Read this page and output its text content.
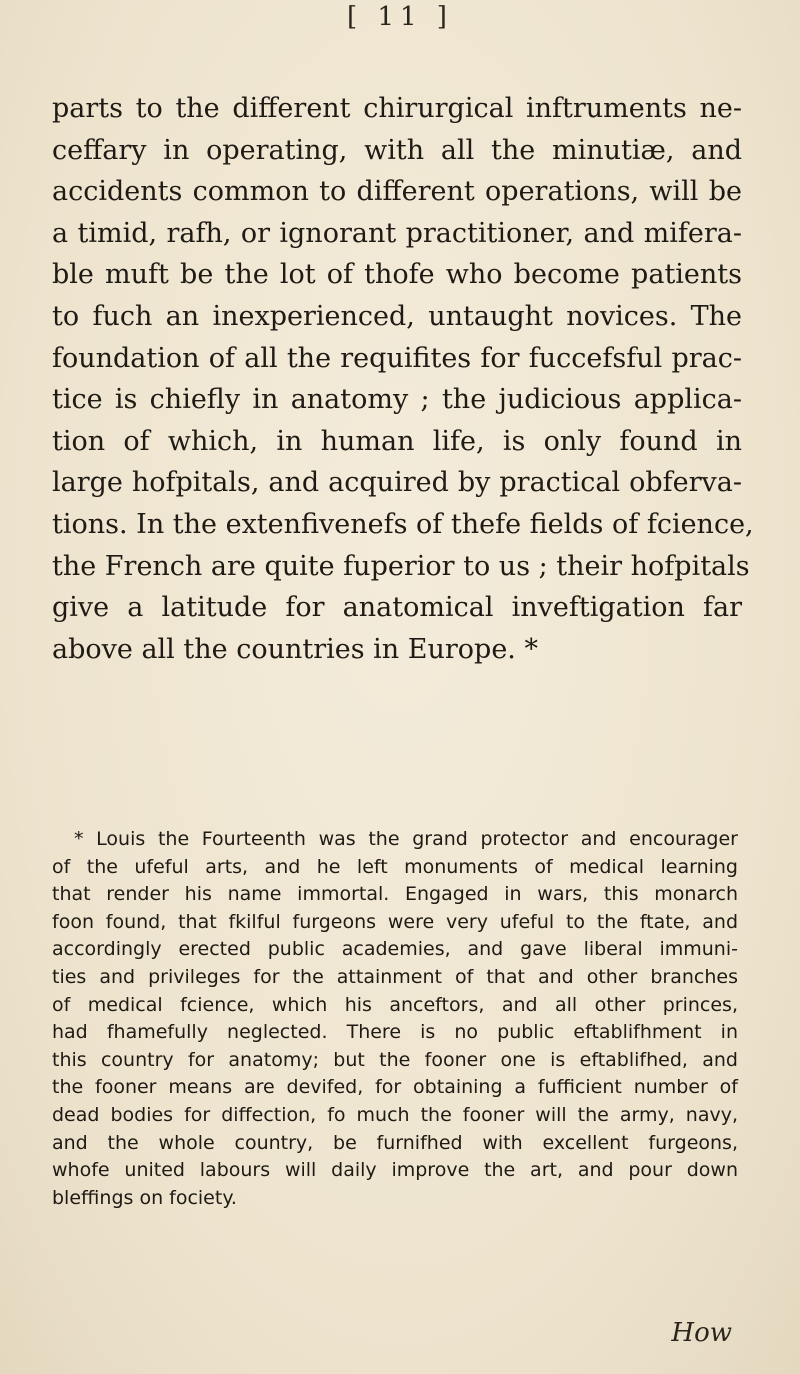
[ 11 ]
parts to the different chirurgical inftruments ne-
ceffary in operating, with all the minutiæ, and
accidents common to different operations, will be
a timid, rafh, or ignorant practitioner, and mifera-
ble muft be the lot of thofe who become patients
to fuch an inexperienced, untaught novices. The
foundation of all the requifites for fuccefsful prac-
tice is chiefly in anatomy ; the judicious applica-
tion of which, in human life, is only found in
large hofpitals, and acquired by practical obferva-
tions. In the extenfivenefs of thefe fields of fcience,
the French are quite fuperior to us ; their hofpitals
give a latitude for anatomical inveftigation far
above all the countries in Europe. *
* Louis the Fourteenth was the grand protector and encourager
of the ufeful arts, and he left monuments of medical learning
that render his name immortal. Engaged in wars, this monarch
foon found, that fkilful furgeons were very ufeful to the ftate, and
accordingly erected public academies, and gave liberal immuni-
ties and privileges for the attainment of that and other branches
of medical fcience, which his anceftors, and all other princes,
had fhamefully neglected. There is no public eftablifhment in
this country for anatomy; but the fooner one is eftablifhed, and
the fooner means are devifed, for obtaining a fufficient number of
dead bodies for diffection, fo much the fooner will the army, navy,
and the whole country, be furnifhed with excellent furgeons,
whofe united labours will daily improve the art, and pour down
bleffings on fociety.
How
